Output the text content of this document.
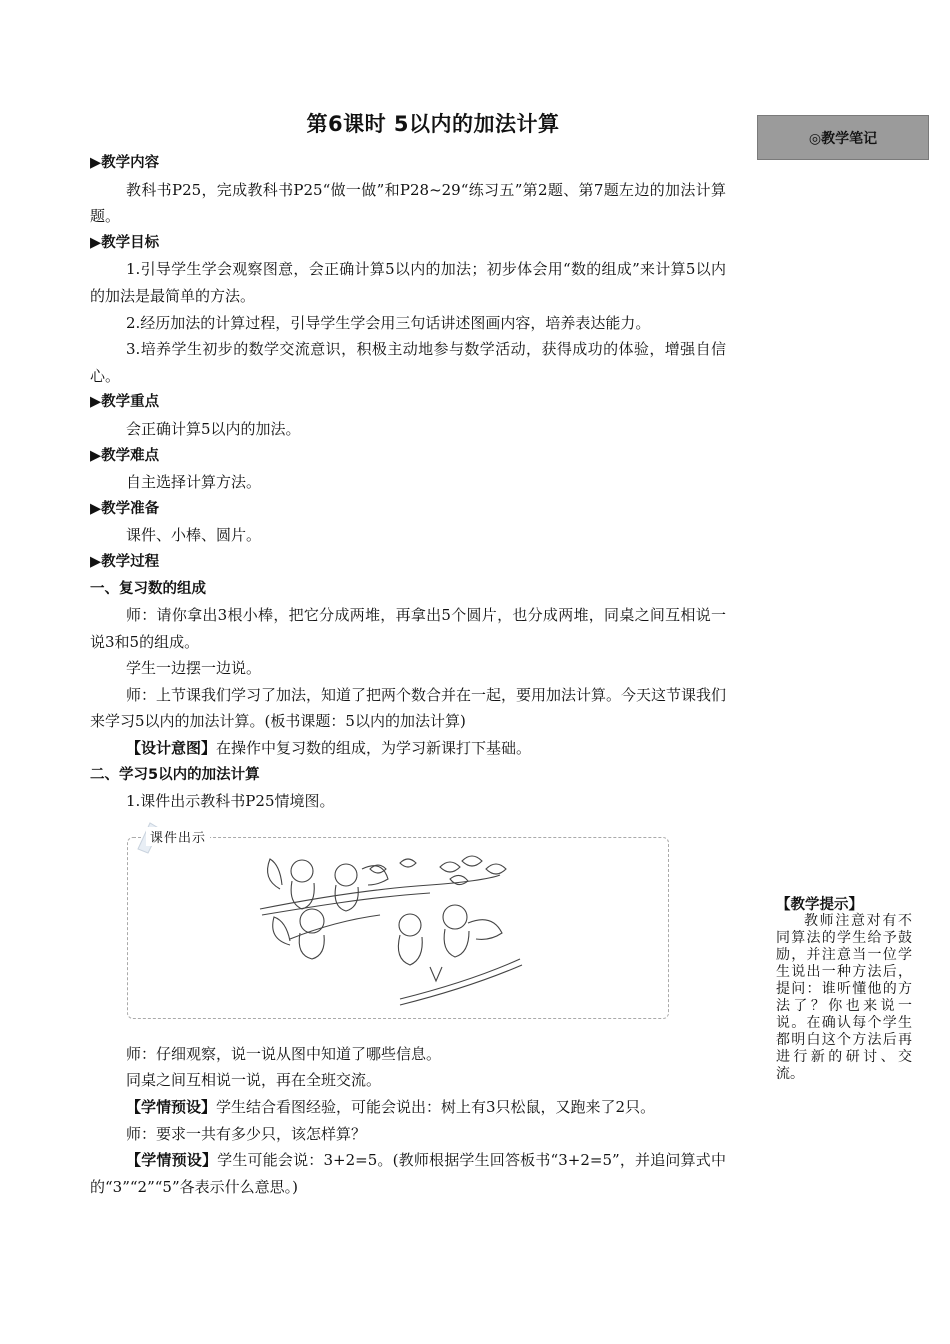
第6课时 5以内的加法计算
◎教学笔记
▶教学内容
教科书P25，完成教科书P25“做一做”和P28~29“练习五”第2题、第7题左边的加法计算题。
▶教学目标
1.引导学生学会观察图意，会正确计算5以内的加法；初步体会用“数的组成”来计算5以内的加法是最简单的方法。
2.经历加法的计算过程，引导学生学会用三句话讲述图画内容，培养表达能力。
3.培养学生初步的数学交流意识，积极主动地参与数学活动，获得成功的体验，增强自信心。
▶教学重点
会正确计算5以内的加法。
▶教学难点
自主选择计算方法。
▶教学准备
课件、小棒、圆片。
▶教学过程
一、复习数的组成
师：请你拿出3根小棒，把它分成两堆，再拿出5个圆片，也分成两堆，同桌之间互相说一说3和5的组成。
学生一边摆一边说。
师：上节课我们学习了加法，知道了把两个数合并在一起，要用加法计算。今天这节课我们来学习5以内的加法计算。(板书课题：5以内的加法计算)
【设计意图】在操作中复习数的组成，为学习新课打下基础。
二、学习5以内的加法计算
1.课件出示教科书P25情境图。
课件出示
师：仔细观察，说一说从图中知道了哪些信息。
同桌之间互相说一说，再在全班交流。
【学情预设】学生结合看图经验，可能会说出：树上有3只松鼠，又跑来了2只。
师：要求一共有多少只，该怎样算？
【学情预设】学生可能会说：3+2=5。(教师根据学生回答板书“3+2=5”，并追问算式中的“3”“2”“5”各表示什么意思。)
【教学提示】
教师注意对有不同算法的学生给予鼓励，并注意当一位学生说出一种方法后，提问：谁听懂他的方法了？你也来说一说。在确认每个学生都明白这个方法后再进行新的研讨、交流。
